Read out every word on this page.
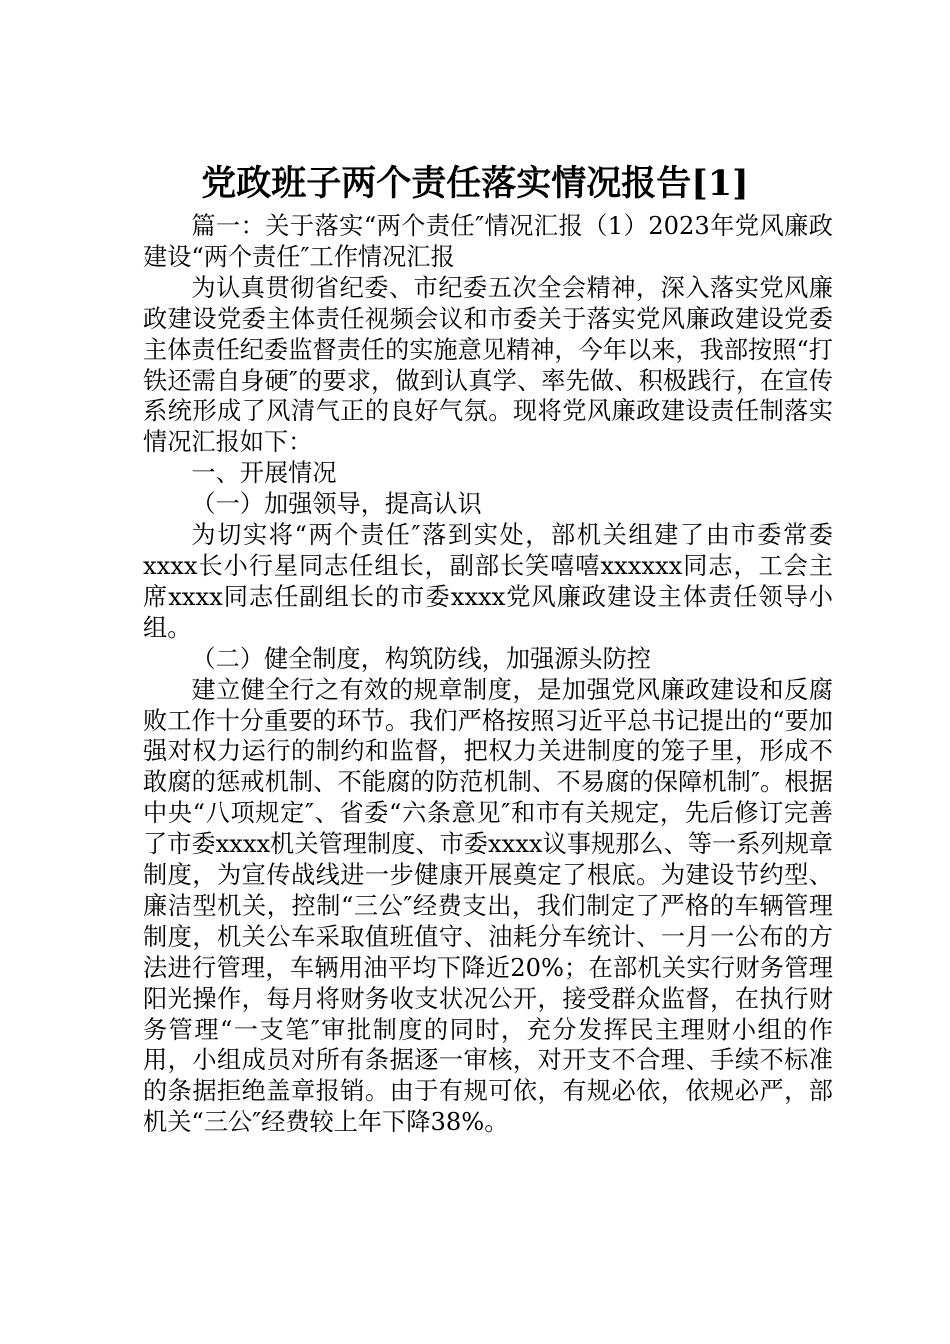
党政班子两个责任落实情况报告[1]

篇一：关于落实“两个责任″情况汇报（1）2023年党风廉政建设“两个责任″工作情况汇报

为认真贯彻省纪委、市纪委五次全会精神，深入落实党风廉政建设党委主体责任视频会议和市委关于落实党风廉政建设党委主体责任纪委监督责任的实施意见精神，今年以来，我部按照“打铁还需自身硬″的要求，做到认真学、率先做、积极践行，在宣传系统形成了风清气正的良好气氛。现将党风廉政建设责任制落实情况汇报如下：

一、开展情况

（一）加强领导，提高认识

为切实将“两个责任″落到实处，部机关组建了由市委常委xxxx长小行星同志任组长，副部长笑嘻嘻xxxxxx同志，工会主席xxxx同志任副组长的市委xxxx党风廉政建设主体责任领导小组。

（二）健全制度，构筑防线，加强源头防控

建立健全行之有效的规章制度，是加强党风廉政建设和反腐败工作十分重要的环节。我们严格按照习近平总书记提出的“要加强对权力运行的制约和监督，把权力关进制度的笼子里，形成不敢腐的惩戒机制、不能腐的防范机制、不易腐的保障机制″。根据中央“八项规定″、省委“六条意见″和市有关规定，先后修订完善了市委xxxx机关管理制度、市委xxxx议事规那么、等一系列规章制度，为宣传战线进一步健康开展奠定了根底。为建设节约型、廉洁型机关，控制“三公″经费支出，我们制定了严格的车辆管理制度，机关公车采取值班值守、油耗分车统计、一月一公布的方法进行管理，车辆用油平均下降近20%；在部机关实行财务管理阳光操作，每月将财务收支状况公开，接受群众监督，在执行财务管理“一支笔″审批制度的同时，充分发挥民主理财小组的作用，小组成员对所有条据逐一审核，对开支不合理、手续不标准的条据拒绝盖章报销。由于有规可依，有规必依，依规必严，部机关“三公″经费较上年下降38%。
